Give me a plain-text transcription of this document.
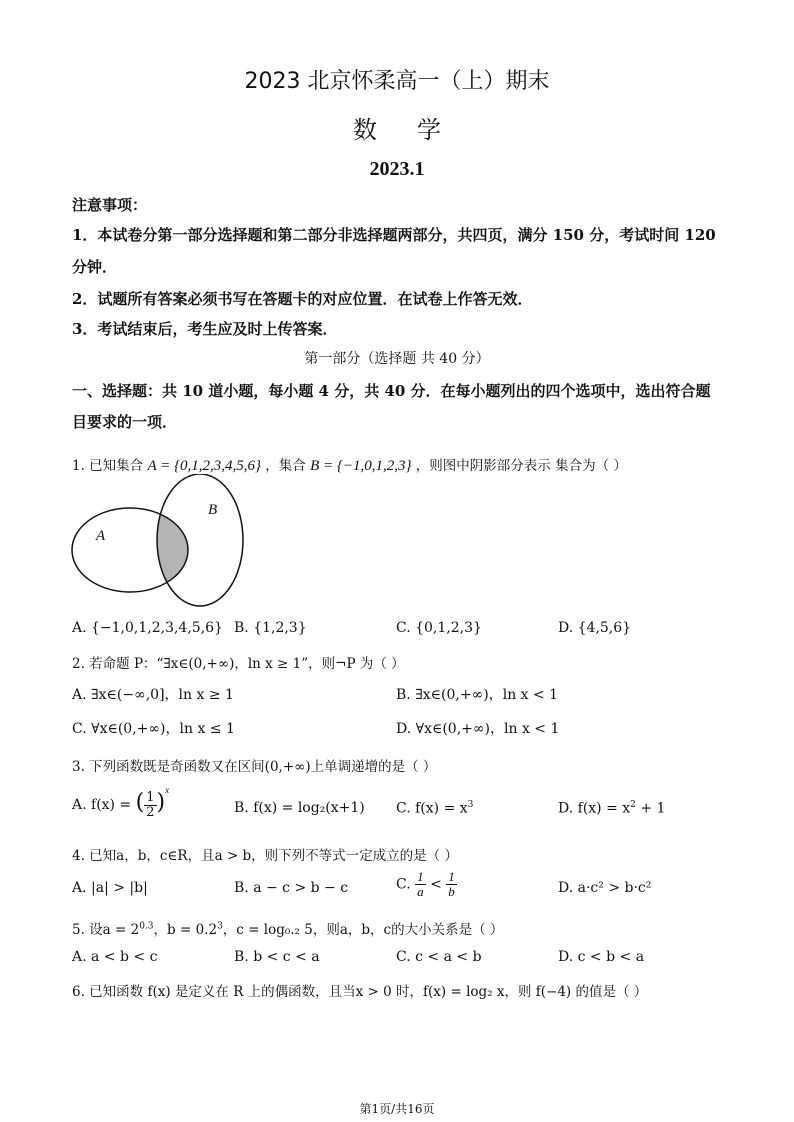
2023 北京怀柔高一（上）期末
数学
2023.1
注意事项：
1．本试卷分第一部分选择题和第二部分非选择题两部分，共四页，满分 150 分，考试时间 120
分钟．
2．试题所有答案必须书写在答题卡的对应位置．在试卷上作答无效．
3．考试结束后，考生应及时上传答案．
第一部分（选择题 共 40 分）
一、选择题：共 10 道小题，每小题 4 分，共 40 分．在每小题列出的四个选项中，选出符合题
目要求的一项．
1. 已知集合 A = {0,1,2,3,4,5,6} ，集合 B = {−1,0,1,2,3} ，则图中阴影部分表示 集合为（ ）
A
B
A. {−1,0,1,2,3,4,5,6} B. {1,2,3}	C. {0,1,2,3}	D. {4,5,6}
2. 若命题 P：“∃x∈(0,+∞)，ln x ≥ 1”，则¬P 为（ ）
A. ∃x∈(−∞,0]，ln x ≥ 1	B. ∃x∈(0,+∞)，ln x < 1
C. ∀x∈(0,+∞)，ln x ≤ 1	D. ∀x∈(0,+∞)，ln x < 1
3. 下列函数既是奇函数又在区间(0,+∞)上单调递增的是（ ）
A. f(x) = ( $\frac{1}{2} )^x$
B. f(x) = log₂(x+1) C. $f(x) = x^3$	D. $f(x) = x^2 + 1$
4. 已知a，b，c∈R，且a > b，则下列不等式一定成立的是（ ）
A. |a| > |b|	B. a − c > b − c	C. $\frac{1}{a} < \frac{1}{b}$	D. a·c² > b·c²
5. 设$a = 2^{0.3}$，$b = 0.2^3$，c = log₀.₂ 5，则a，b，c的大小关系是（ ）
A. a < b < c	B. b < c < a	C. c < a < b	D. c < b < a
6. 已知函数 f(x) 是定义在 R 上的偶函数，且当x > 0 时，f(x) = log₂ x，则 f(−4) 的值是（ ）
第1页/共16页
